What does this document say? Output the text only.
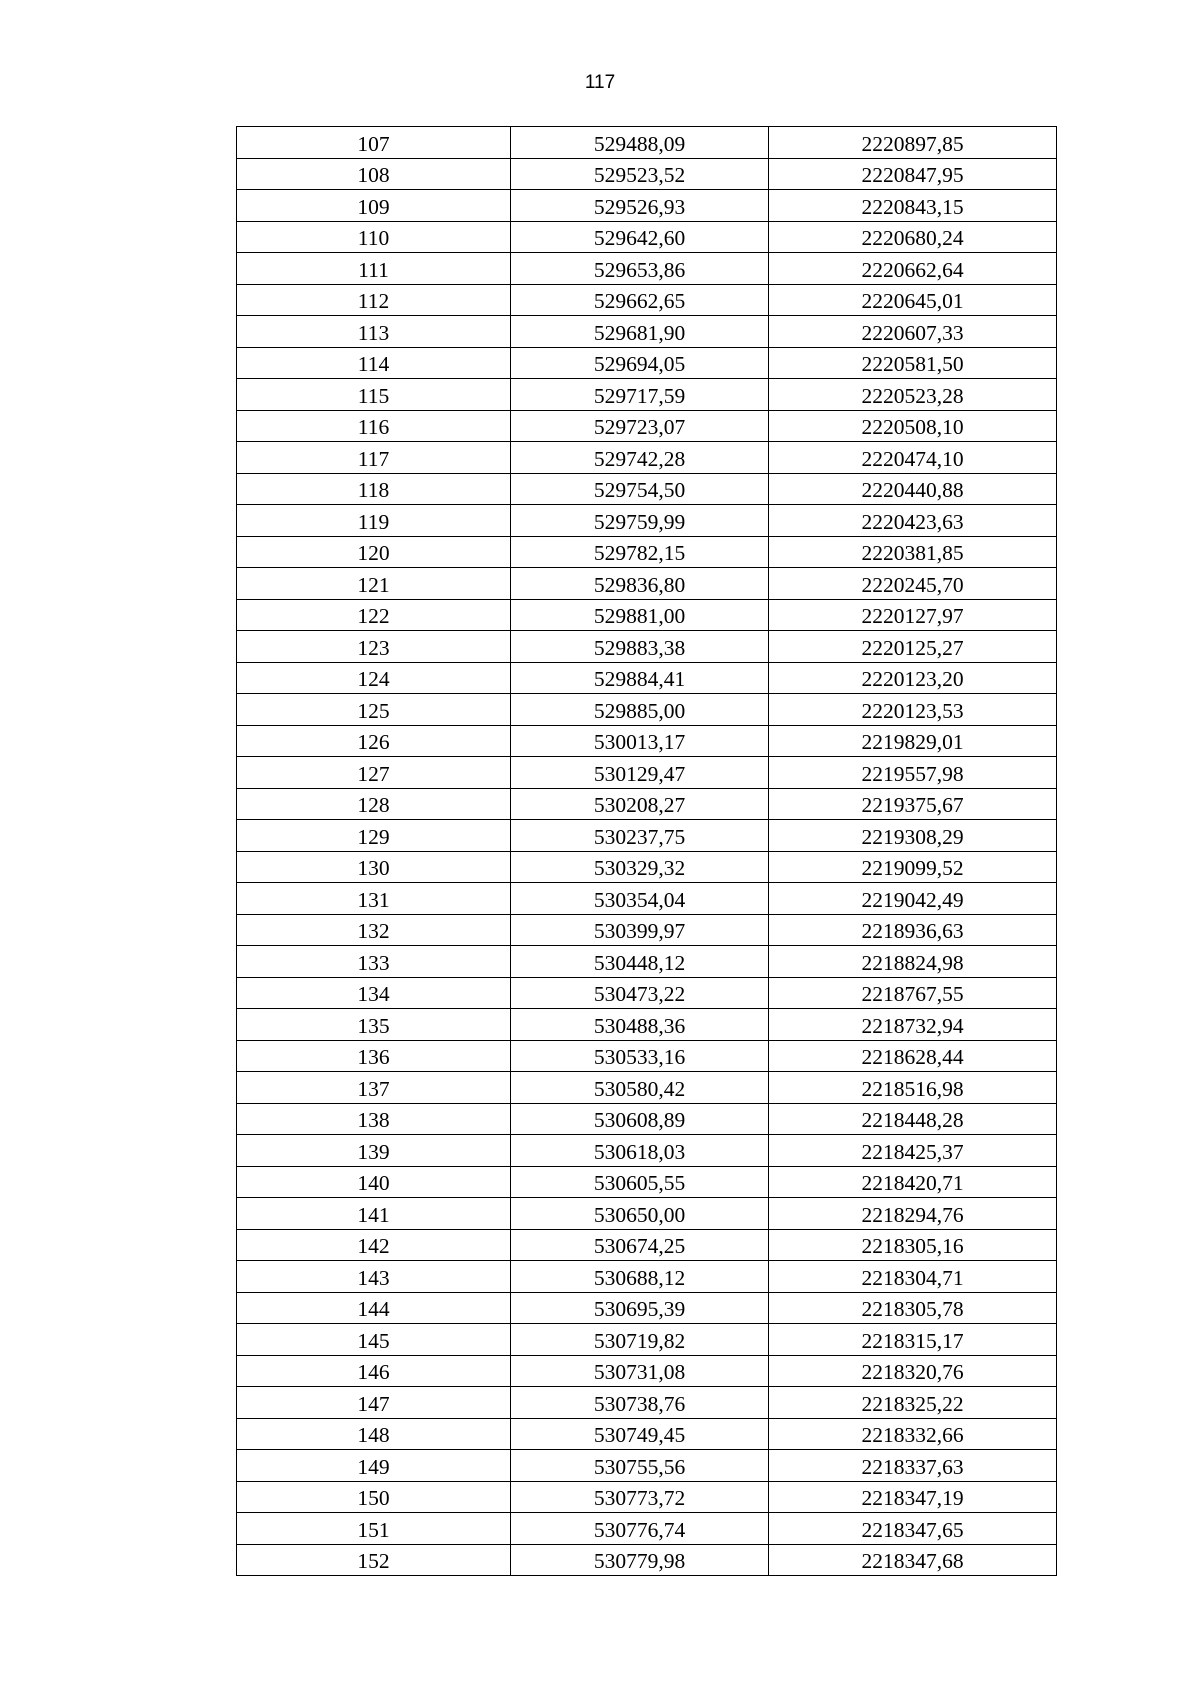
117
107	529488,09	2220897,85
108	529523,52	2220847,95
109	529526,93	2220843,15
110	529642,60	2220680,24
111	529653,86	2220662,64
112	529662,65	2220645,01
113	529681,90	2220607,33
114	529694,05	2220581,50
115	529717,59	2220523,28
116	529723,07	2220508,10
117	529742,28	2220474,10
118	529754,50	2220440,88
119	529759,99	2220423,63
120	529782,15	2220381,85
121	529836,80	2220245,70
122	529881,00	2220127,97
123	529883,38	2220125,27
124	529884,41	2220123,20
125	529885,00	2220123,53
126	530013,17	2219829,01
127	530129,47	2219557,98
128	530208,27	2219375,67
129	530237,75	2219308,29
130	530329,32	2219099,52
131	530354,04	2219042,49
132	530399,97	2218936,63
133	530448,12	2218824,98
134	530473,22	2218767,55
135	530488,36	2218732,94
136	530533,16	2218628,44
137	530580,42	2218516,98
138	530608,89	2218448,28
139	530618,03	2218425,37
140	530605,55	2218420,71
141	530650,00	2218294,76
142	530674,25	2218305,16
143	530688,12	2218304,71
144	530695,39	2218305,78
145	530719,82	2218315,17
146	530731,08	2218320,76
147	530738,76	2218325,22
148	530749,45	2218332,66
149	530755,56	2218337,63
150	530773,72	2218347,19
151	530776,74	2218347,65
152	530779,98	2218347,68
